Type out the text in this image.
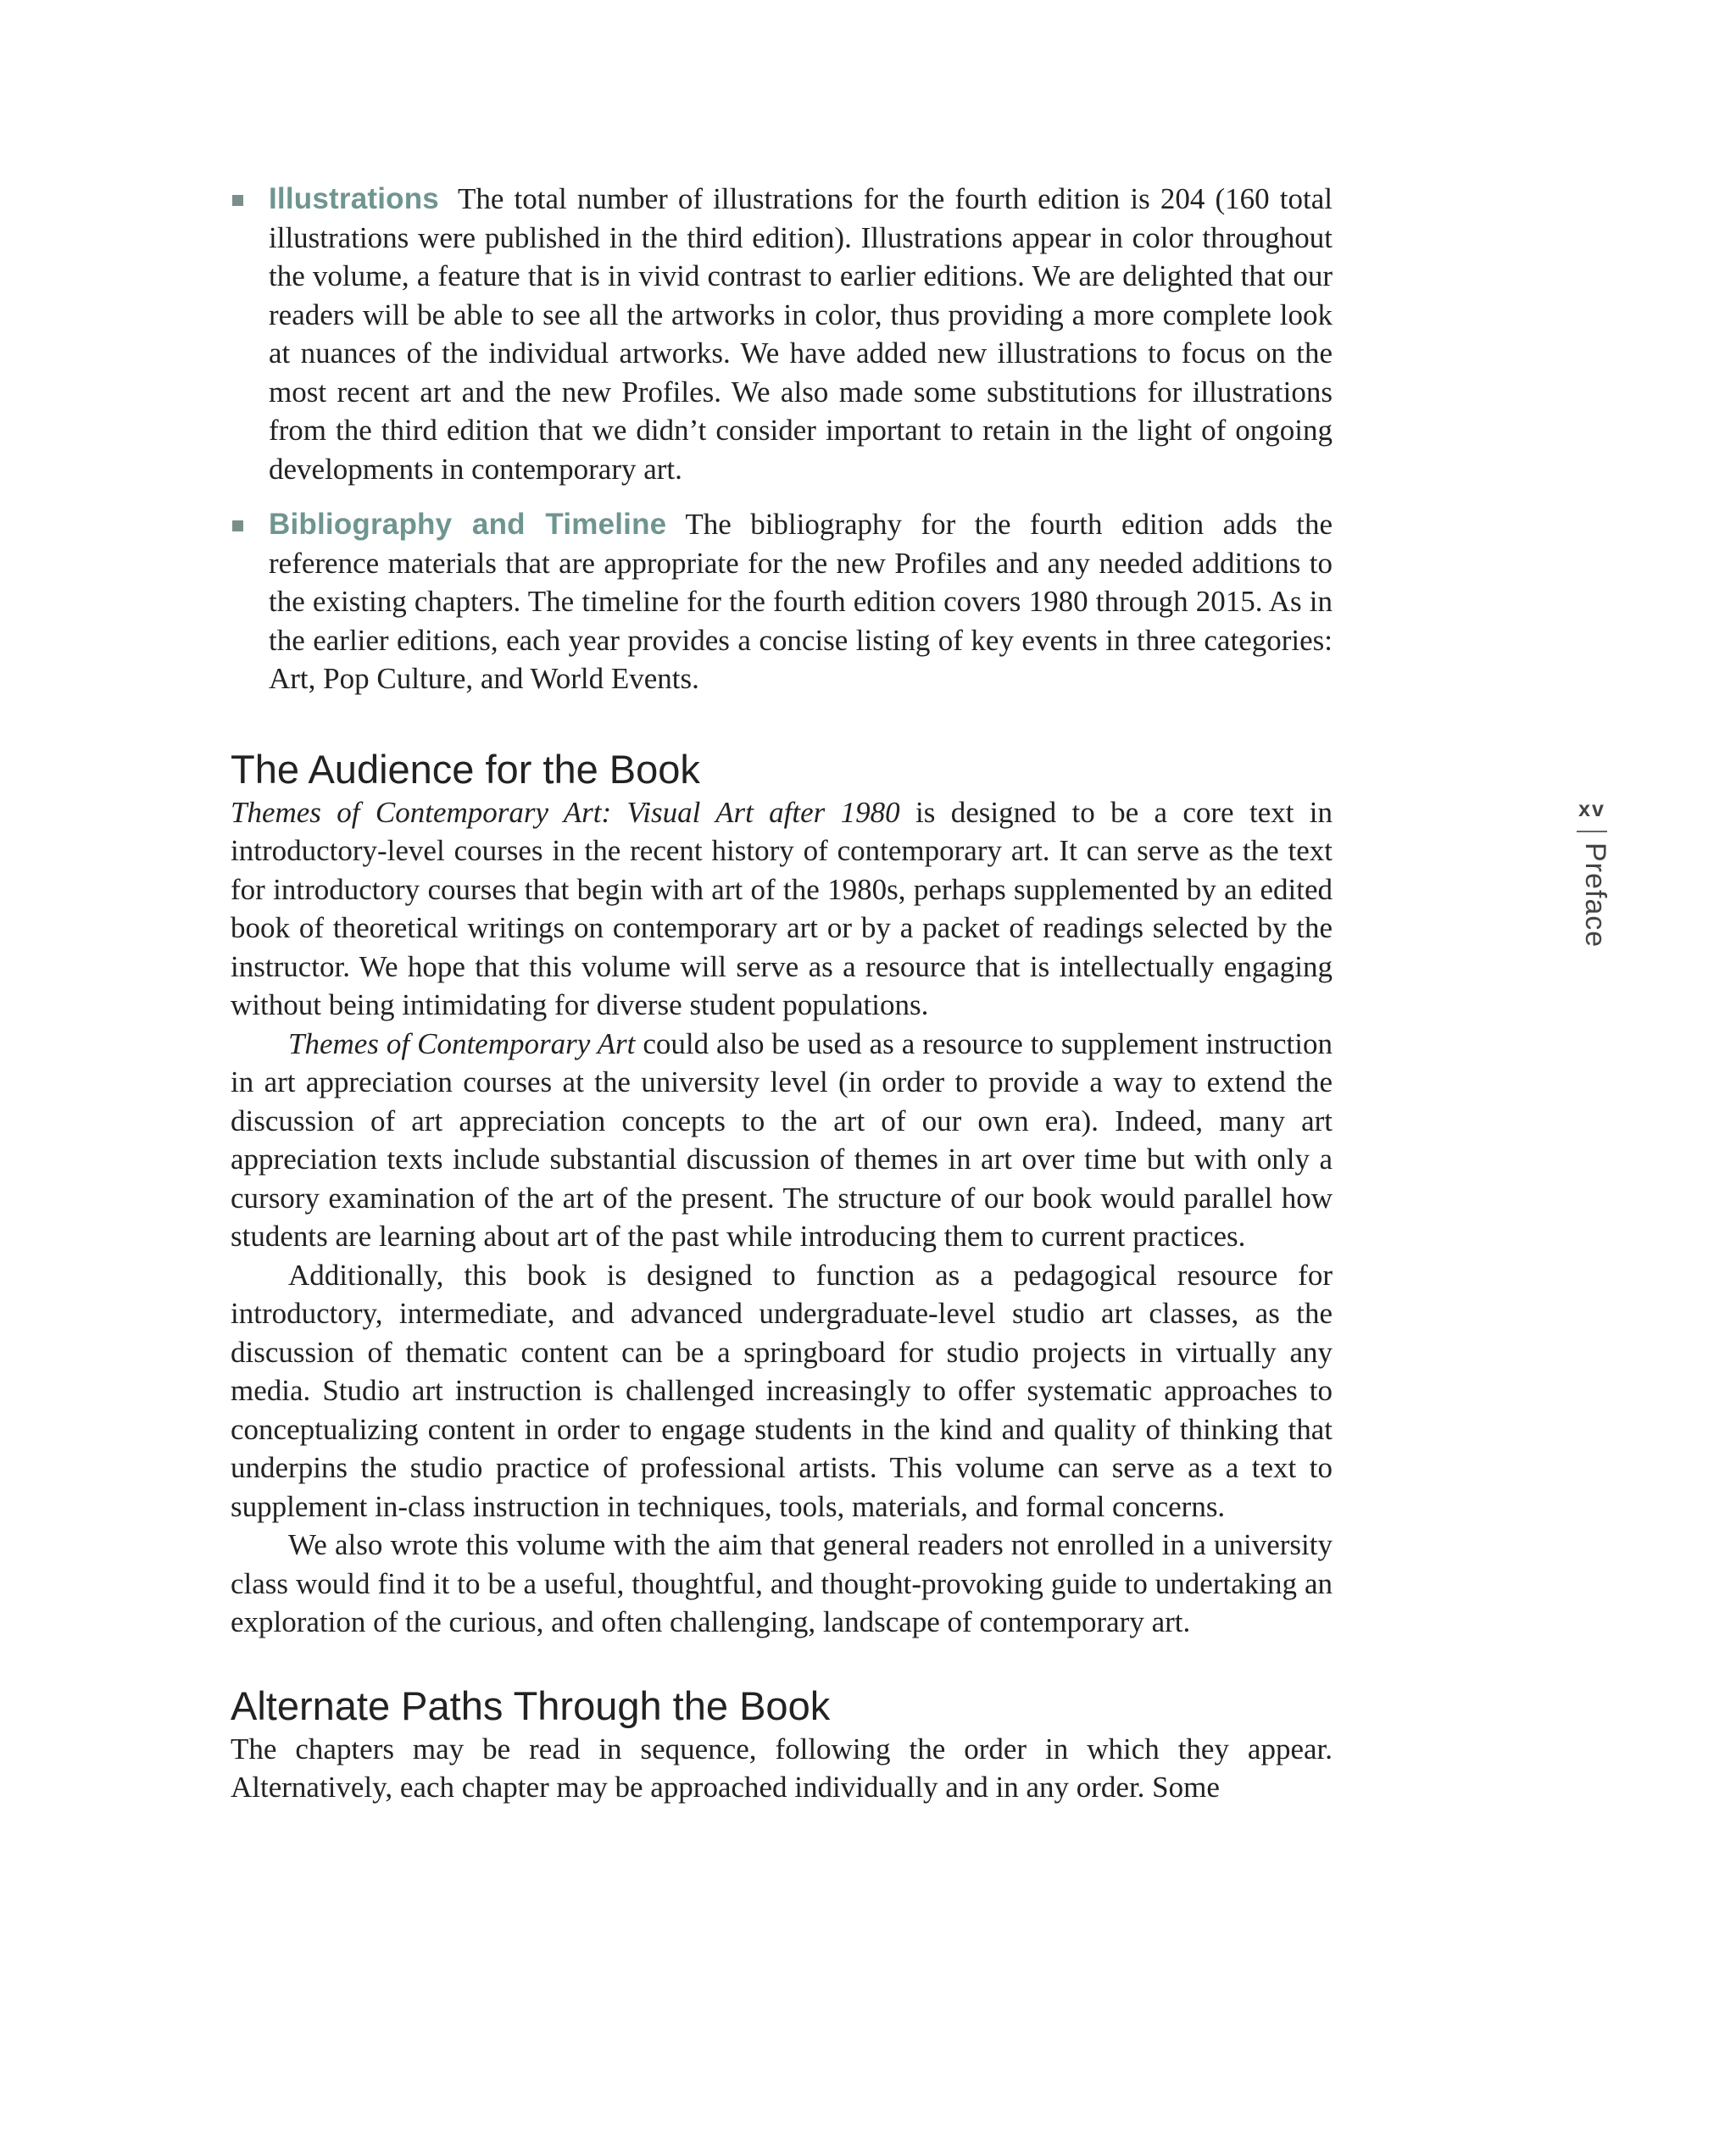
Illustrations The total number of illustrations for the fourth edition is 204 (160 total illustrations were published in the third edition). Illustrations appear in color throughout the volume, a feature that is in vivid contrast to earlier editions. We are delighted that our readers will be able to see all the artworks in color, thus providing a more complete look at nuances of the individual artworks. We have added new illustrations to focus on the most recent art and the new Profiles. We also made some substitutions for illustrations from the third edition that we didn’t consider important to retain in the light of ongoing developments in contemporary art.
Bibliography and Timeline The bibliography for the fourth edition adds the reference materials that are appropriate for the new Profiles and any needed additions to the existing chapters. The timeline for the fourth edition covers 1980 through 2015. As in the earlier editions, each year provides a concise listing of key events in three categories: Art, Pop Culture, and World Events.
The Audience for the Book

Themes of Contemporary Art: Visual Art after 1980 is designed to be a core text in introductory-level courses in the recent history of contemporary art. It can serve as the text for introductory courses that begin with art of the 1980s, perhaps supplemented by an edited book of theoretical writings on contemporary art or by a packet of readings selected by the instructor. We hope that this volume will serve as a resource that is intellectually engaging without being intimidating for diverse student populations.

Themes of Contemporary Art could also be used as a resource to supplement instruction in art appreciation courses at the university level (in order to provide a way to extend the discussion of art appreciation concepts to the art of our own era). Indeed, many art appreciation texts include substantial discussion of themes in art over time but with only a cursory examination of the art of the present. The structure of our book would parallel how students are learning about art of the past while introducing them to current practices.

Additionally, this book is designed to function as a pedagogical resource for introductory, intermediate, and advanced undergraduate-level studio art classes, as the discussion of thematic content can be a springboard for studio projects in virtually any media. Studio art instruction is challenged increasingly to offer systematic approaches to conceptualizing content in order to engage students in the kind and quality of thinking that underpins the studio practice of professional artists. This volume can serve as a text to supplement in-class instruction in techniques, tools, materials, and formal concerns.

We also wrote this volume with the aim that general readers not enrolled in a university class would find it to be a useful, thoughtful, and thought-provoking guide to undertaking an exploration of the curious, and often challenging, landscape of contemporary art.

Alternate Paths Through the Book

The chapters may be read in sequence, following the order in which they appear. Alternatively, each chapter may be approached individually and in any order. Some

xv
Preface
